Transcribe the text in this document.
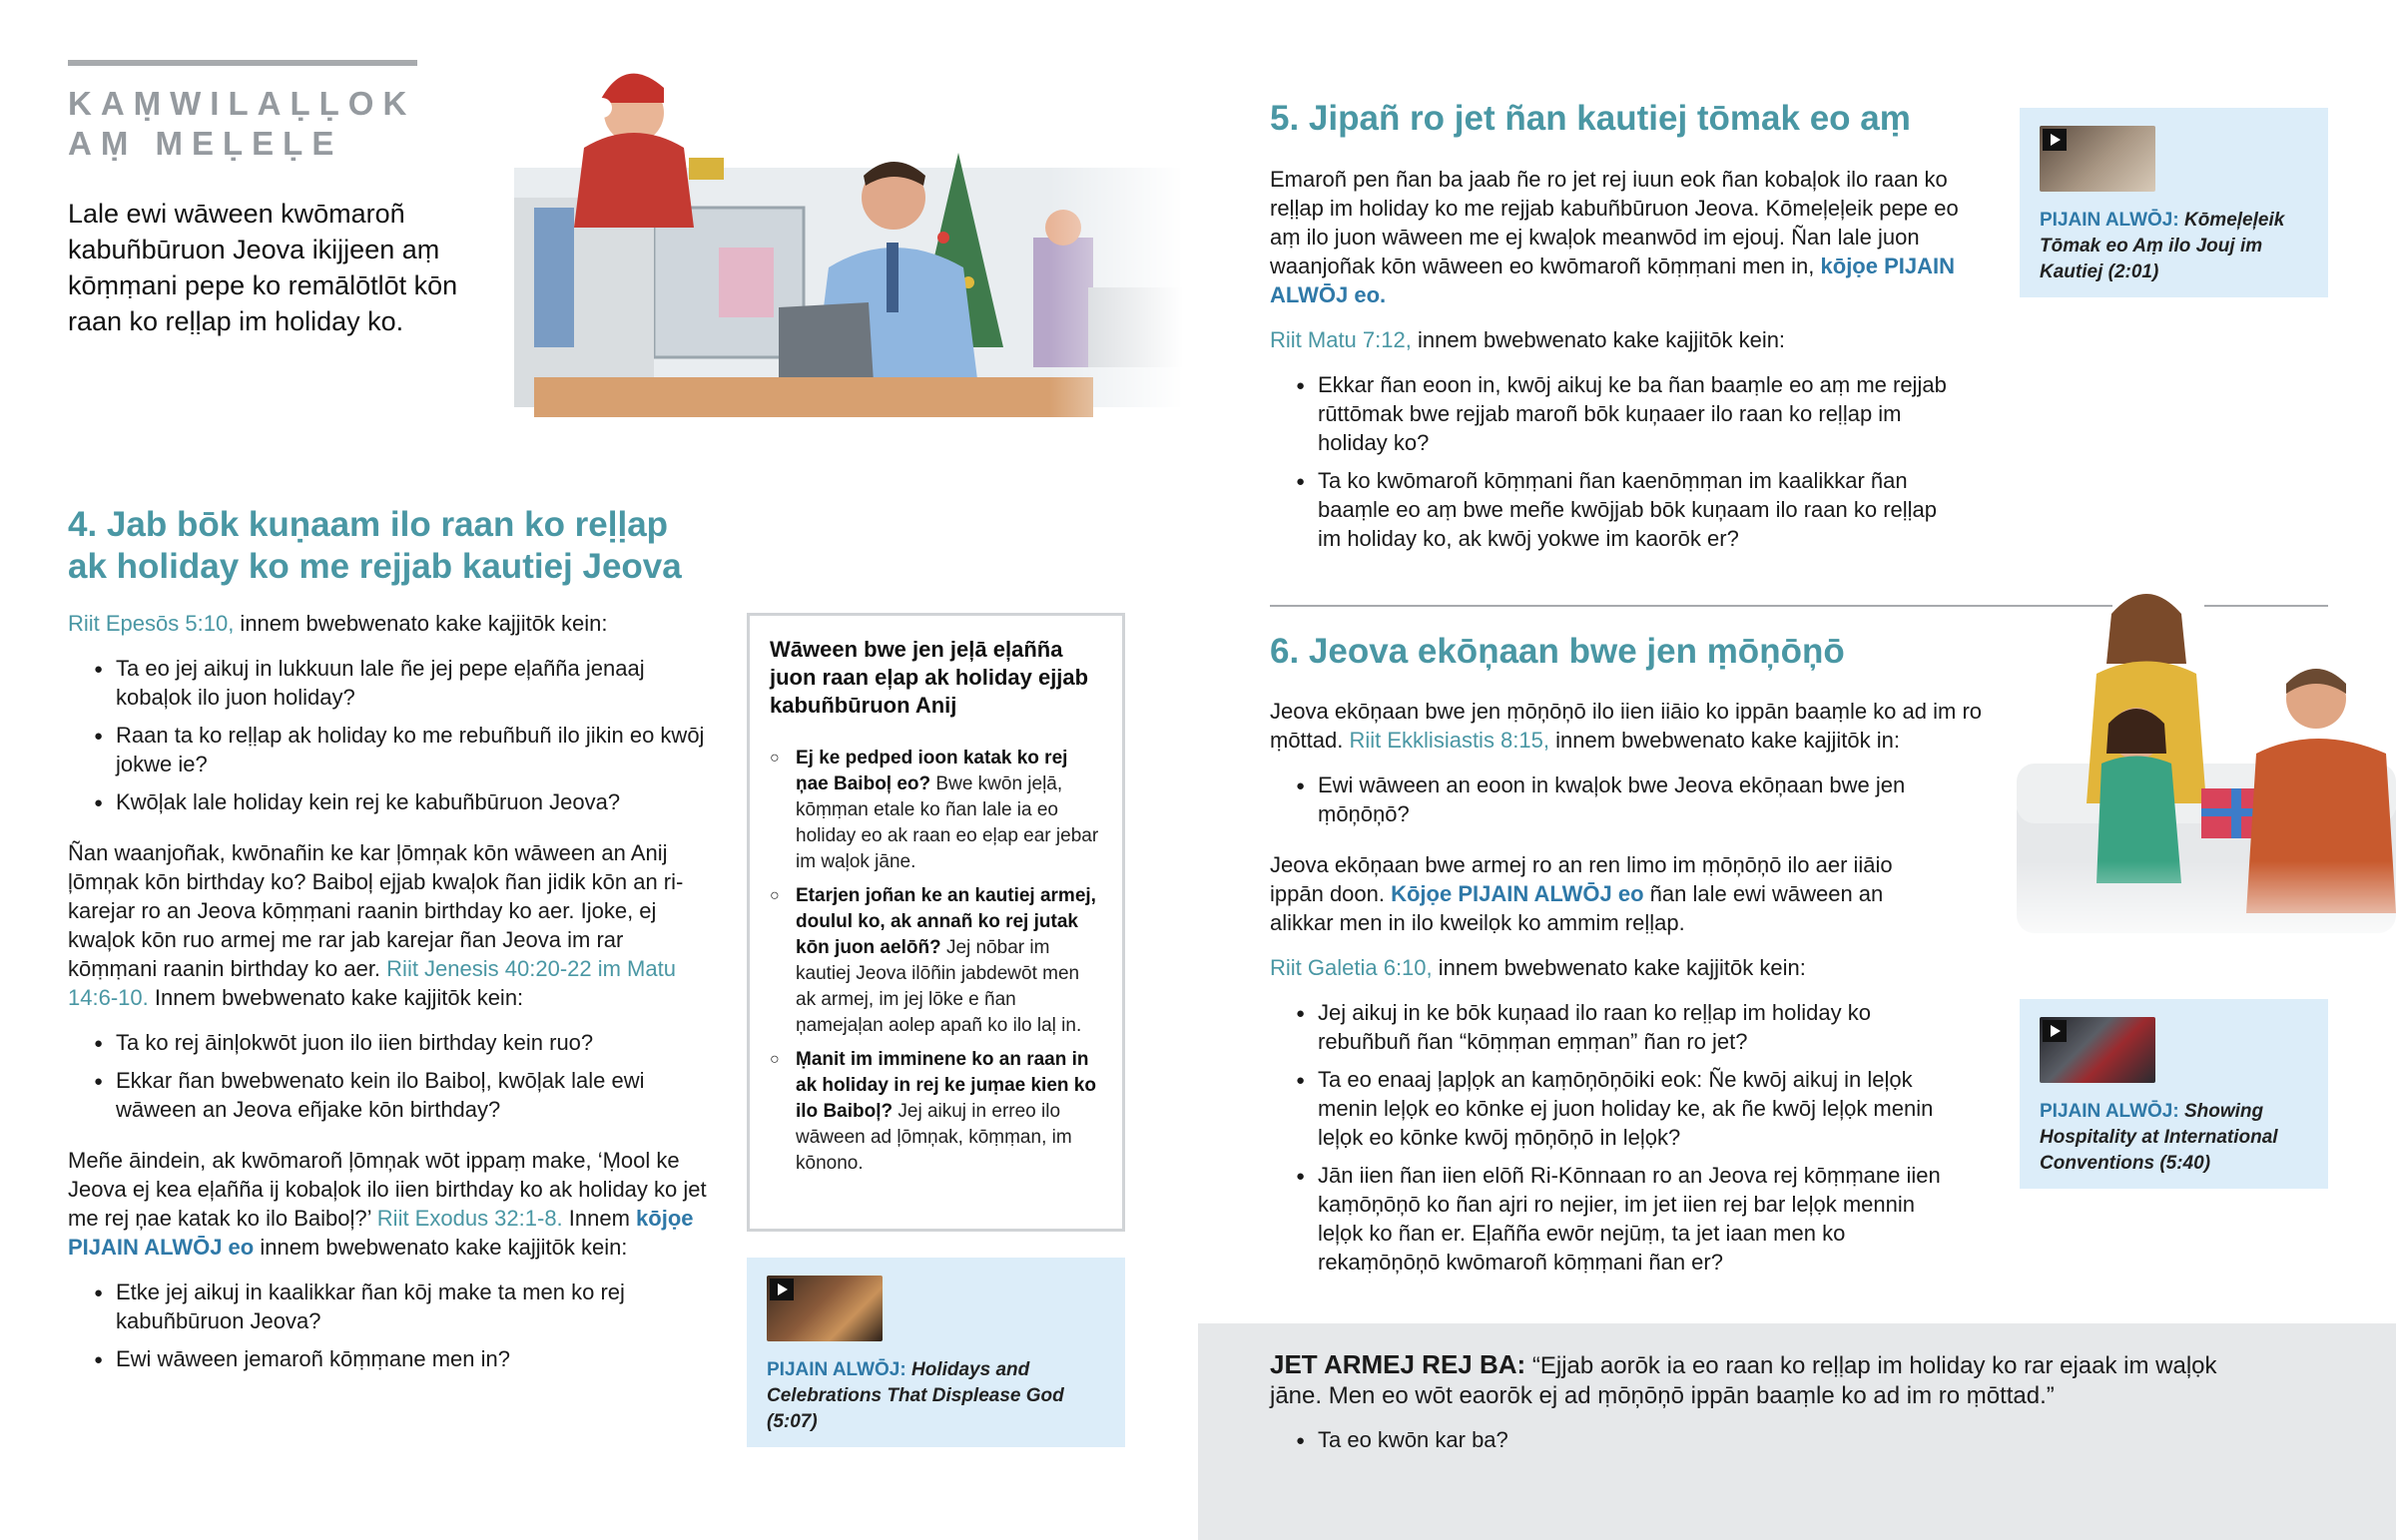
KAṂWILAḶḶOK
AṂ MEḶEḶE
Lale ewi wāween kwōmaroñ kabuñbūruon Jeova ikijjeen aṃ kōṃṃani pepe ko remālōtlōt kōn raan ko reḷḷap im holiday ko.
4. Jab bōk kuṇaam ilo raan ko reḷḷap
ak holiday ko me rejjab kautiej Jeova

Riit Epesōs 5:10, innem bwebwenato kake kajjitōk kein:

● Ta eo jej aikuj in lukkuun lale ñe jej pepe eļañña jenaaj kobaļok ilo juon holiday?
● Raan ta ko reḷḷap ak holiday ko me rebuñbuñ ilo jikin eo kwōj jokwe ie?
● Kwōļak lale holiday kein rej ke kabuñbūruon Jeova?

Ñan waanjoñak, kwōnañin ke kar ļōmņak kōn wāween an Anij ļōmņak kōn birthday ko? Baiboļ ejjab kwaļok ñan jidik kōn an ri-karejar ro an Jeova kōṃṃani raanin birthday ko aer. Ijoke, ej kwaļok kōn ruo armej me rar jab karejar ñan Jeova im rar kōṃṃani raanin birthday ko aer. Riit Jenesis 40:20-22 im Matu 14:6-10. Innem bwebwenato kake kajjitōk kein:

● Ta ko rej āinļokwōt juon ilo iien birthday kein ruo?
● Ekkar ñan bwebwenato kein ilo Baiboļ, kwōļak lale ewi wāween an Jeova eñjake kōn birthday?

Meñe āindein, ak kwōmaroñ ļōmņak wōt ippaṃ make, ‘Ṃool ke Jeova ej kea eļañña ij kobaļok ilo iien birthday ko ak holiday ko jet me rej ņae katak ko ilo Baiboļ?’ Riit Exodus 32:1-8. Innem kōjọe PIJAIN ALWŌJ eo innem bwebwenato kake kajjitōk kein:

● Etke jej aikuj in kaalikkar ñan kōj make ta men ko rej kabuñbūruon Jeova?
● Ewi wāween jemaroñ kōṃṃane men in?
Wāween bwe jen jeļā eļañña juon raan eļap ak holiday ejjab kabuñbūruon Anij
○ Ej ke pedped ioon katak ko rej ņae Baiboļ eo? Bwe kwōn jeļā, kōṃṃan etale ko ñan lale ia eo holiday eo ak raan eo eļap ear jebar im waļok jāne.
○ Etarjen joñan ke an kautiej armej, doulul ko, ak annañ ko rej jutak kōn juon aelōñ? Jej nōbar im kautiej Jeova ilōñin jabdewōt men ak armej, im jej lōke e ñan ņamejaļan aolep apañ ko ilo laļ in.
○ Ṃanit im imminene ko an raan in ak holiday in rej ke juṃae kien ko ilo Baiboļ? Jej aikuj in erreo ilo wāween ad ļōmņak, kōṃṃan, im kōnono.
PIJAIN ALWŌJ: Holidays and Celebrations That Displease God (5:07)
5. Jipañ ro jet ñan kautiej tōmak eo aṃ

Emaroñ pen ñan ba jaab ñe ro jet rej iuun eok ñan kobaļok ilo raan ko reḷḷap im holiday ko me rejjab kabuñbūruon Jeova. Kōmeļeļeik pepe eo aṃ ilo juon wāween me ej kwaļok meanwōd im ejouj. Ñan lale juon waanjoñak kōn wāween eo kwōmaroñ kōṃṃani men in, kōjọe PIJAIN ALWŌJ eo.

Riit Matu 7:12, innem bwebwenato kake kajjitōk kein:

● Ekkar ñan eoon in, kwōj aikuj ke ba ñan baaṃle eo aṃ me rejjab rūttōmak bwe rejjab maroñ bōk kuņaaer ilo raan ko reḷḷap im holiday ko?
● Ta ko kwōmaroñ kōṃṃani ñan kaenōṃṃan im kaalikkar ñan baaṃle eo aṃ bwe meñe kwōjjab bōk kuņaam ilo raan ko reḷḷap im holiday ko, ak kwōj yokwe im kaorōk er?
PIJAIN ALWŌJ: Kōmeļeļeik Tōmak eo Aṃ ilo Jouj im Kautiej (2:01)
6. Jeova ekōņaan bwe jen ṃōņōņō

Jeova ekōņaan bwe jen ṃōņōņō ilo iien iiāio ko ippān baaṃle ko ad im ro ṃōttad. Riit Ekklisiastis 8:15, innem bwebwenato kake kajjitōk in:

● Ewi wāween an eoon in kwaļok bwe Jeova ekōņaan bwe jen ṃōņōņō?

Jeova ekōņaan bwe armej ro an ren limo im ṃōņōņō ilo aer iiāio ippān doon. Kōjọe PIJAIN ALWŌJ eo ñan lale ewi wāween an alikkar men in ilo kweilọk ko ammim reḷḷap.

Riit Galetia 6:10, innem bwebwenato kake kajjitōk kein:

● Jej aikuj in ke bōk kuņaad ilo raan ko reḷḷap im holiday ko rebuñbuñ ñan “kōṃṃan eṃṃan” ñan ro jet?
● Ta eo enaaj ļapļọk an kaṃōņōņōiki eok: Ñe kwōj aikuj in leļọk menin leļọk eo kōnke ej juon holiday ke, ak ñe kwōj leļọk menin leļọk eo kōnke kwōj ṃōņōņō in leļọk?
● Jān iien ñan iien elōñ Ri-Kōnnaan ro an Jeova rej kōṃṃane iien kaṃōņōņō ko ñan ajri ro nejier, im jet iien rej bar leļọk mennin leļọk ko ñan er. Eļañña ewōr nejūṃ, ta jet iaan men ko rekaṃōņōņō kwōmaroñ kōṃṃani ñan er?
PIJAIN ALWŌJ: Showing Hospitality at International Conventions (5:40)
JET ARMEJ REJ BA: “Ejjab aorōk ia eo raan ko reḷḷap im holiday ko rar ejaak im waļọk jāne. Men eo wōt eaorōk ej ad ṃōņōņō ippān baaṃle ko ad im ro ṃōttad.”
● Ta eo kwōn kar ba?
